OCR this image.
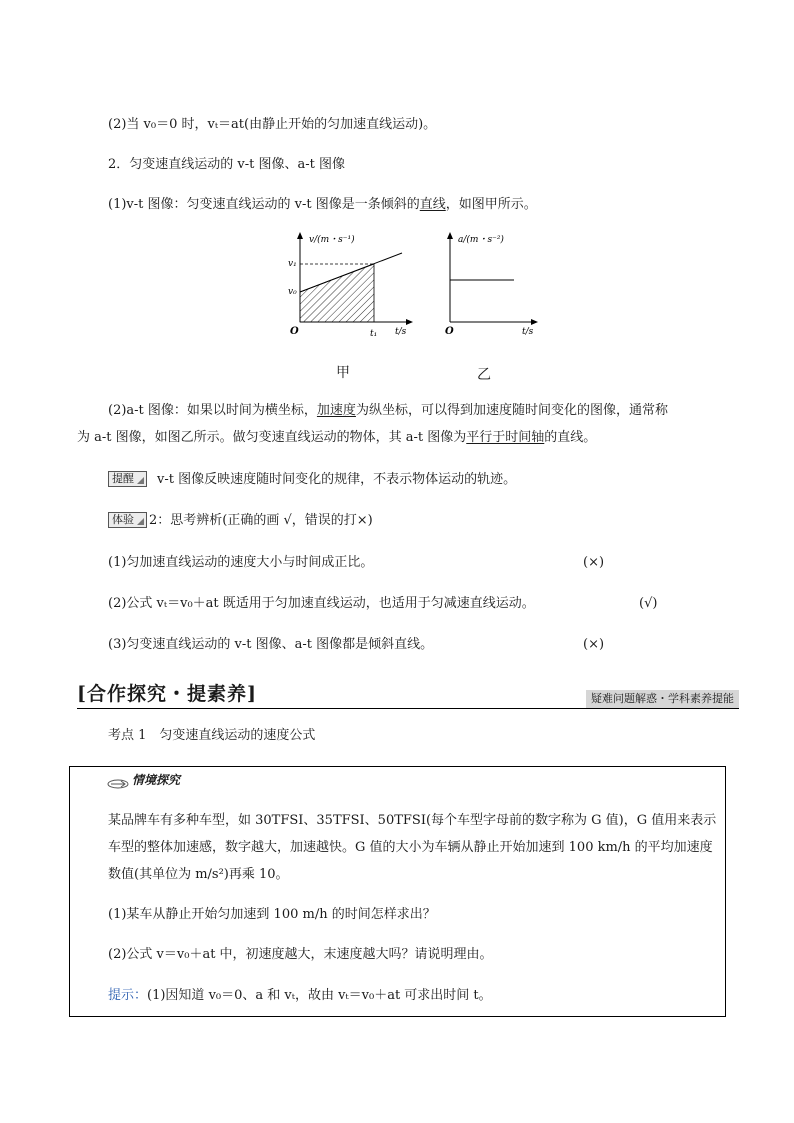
(2)当 v₀＝0 时，vₜ＝at(由静止开始的匀加速直线运动)。
2．匀变速直线运动的 v-t 图像、a-t 图像
(1)v-t 图像：匀变速直线运动的 v-t 图像是一条倾斜的直线，如图甲所示。
v/(m・s⁻¹)
v₁
v₀
O	t₁ t/s
a/(m・s⁻²)
O	t/s
甲	乙
(2)a-t 图像：如果以时间为横坐标，加速度为纵坐标，可以得到加速度随时间变化的图像，通常称
为 a-t 图像，如图乙所示。做匀变速直线运动的物体，其 a-t 图像为平行于时间轴的直线。
提醒 v-t 图像反映速度随时间变化的规律，不表示物体运动的轨迹。
体验 2：思考辨析(正确的画 √，错误的打×)
(1)匀加速直线运动的速度大小与时间成正比。	(×)
(2)公式 vₜ＝v₀＋at 既适用于匀加速直线运动，也适用于匀减速直线运动。	(√)
(3)匀变速直线运动的 v-t 图像、a-t 图像都是倾斜直线。	(×)
[合作探究・提素养]	疑难问题解惑・学科素养提能
考点 1　匀变速直线运动的速度公式
情境探究
某品牌车有多种车型，如 30TFSI、35TFSI、50TFSI(每个车型字母前的数字称为 G 值)，G 值用来表示车型的整体加速感，数字越大，加速越快。G 值的大小为车辆从静止开始加速到 100 km/h 的平均加速度数值(其单位为 m/s²)再乘 10。
(1)某车从静止开始匀加速到 100 m/h 的时间怎样求出？
(2)公式 v＝v₀＋at 中，初速度越大，末速度越大吗？请说明理由。
提示：(1)因知道 v₀＝0、a 和 vₜ，故由 vₜ＝v₀＋at 可求出时间 t。
